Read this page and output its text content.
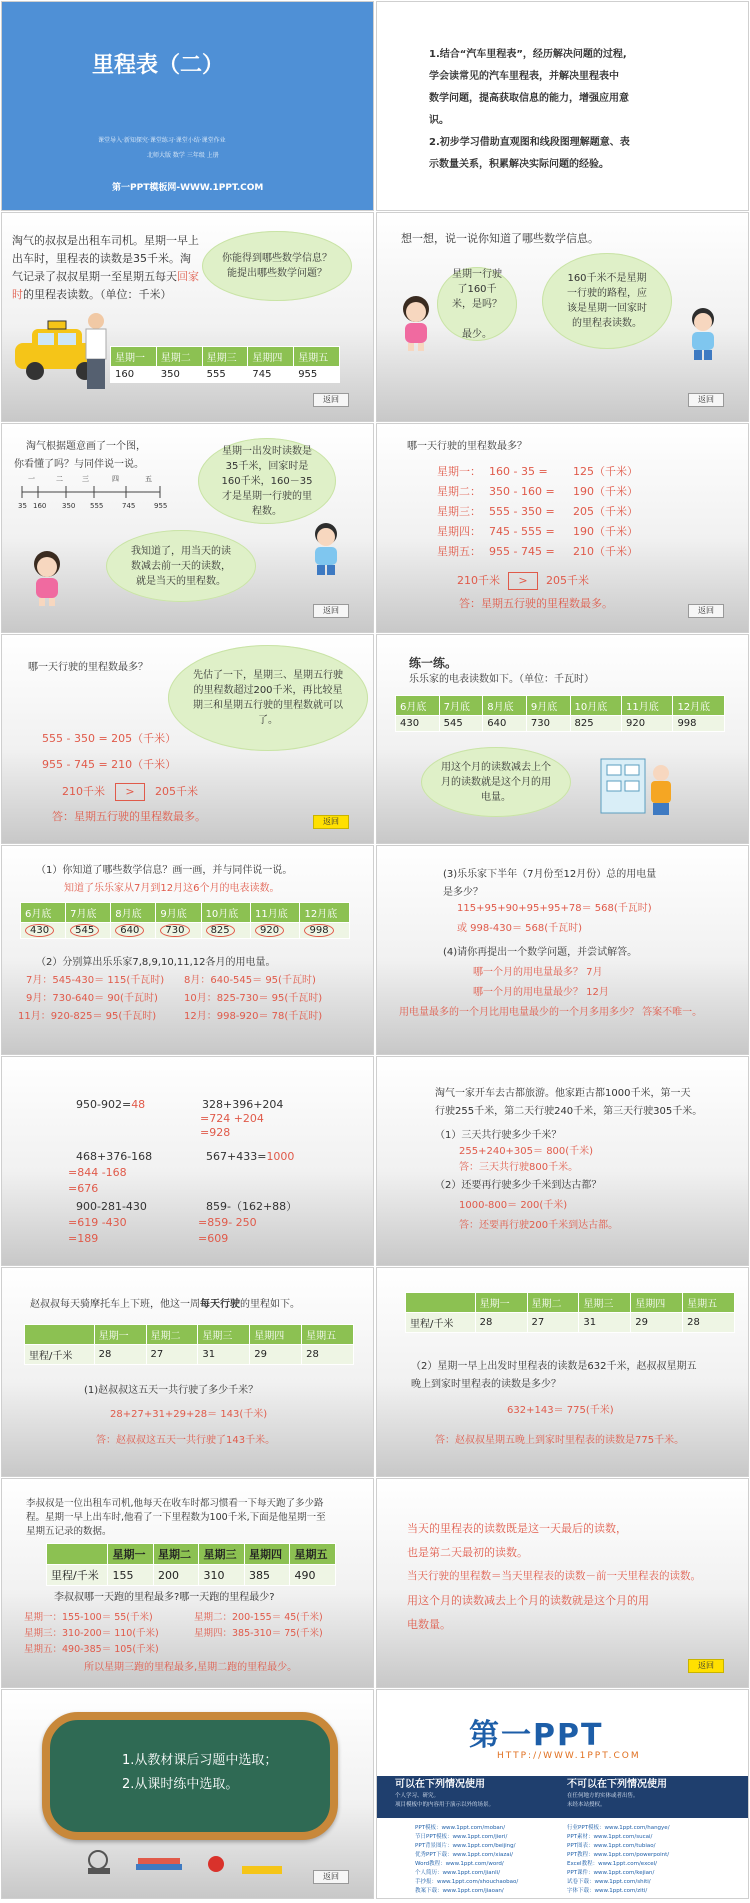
里程表（二）
课堂导入·新知探究·课堂练习·课堂小结·课堂作业
北师大版 数学 三年级 上册
第一PPT模板网-WWW.1PPT.COM
1.结合“汽车里程表”，经历解决问题的过程,
学会读常见的汽车里程表，并解决里程表中
数学问题，提高获取信息的能力，增强应用意
识。
2.初步学习借助直观图和线段图理解题意、表
示数量关系，积累解决实际问题的经验。
淘气的叔叔是出租车司机。星期一早上
出车时，里程表的读数是35千米。淘
气记录了叔叔星期一至星期五每天回家
时的里程表读数。（单位：千米）
你能得到哪些数学信息？能提出哪些数学问题？
星期一	星期二	星期三	星期四	星期五
160	350	555	745	955
返回
想一想，说一说你知道了哪些数学信息。
星期一行驶了160千米，是吗？

最少。
160千米不是星期一行驶的路程，应该是星期一回家时的里程表读数。
返回
淘气根据题意画了一个图，
你看懂了吗？与同伴说一说。
一	二	三	四	五
35 160 350 555	745	955
星期一出发时读数是35千米，回家时是160千米，160－35才是星期一行驶的里程数。
我知道了，用当天的读数减去前一天的读数，就是当天的里程数。
返回
哪一天行驶的里程数最多？
星期一： 160 - 35 = 125（千米）
星期二： 350 - 160 = 190（千米）
星期三： 555 - 350 = 205（千米）
星期四： 745 - 555 = 190（千米）
星期五： 955 - 745 = 210（千米）
210千米 > 205千米
答：星期五行驶的里程数最多。
返回
哪一天行驶的里程数最多？
先估了一下，星期三、星期五行驶的里程数超过200千米，再比较星期三和星期五行驶的里程数就可以了。
555 - 350 = 205（千米）
955 - 745 = 210（千米）
210千米 > 205千米
答：星期五行驶的里程数最多。	返回
练一练。
乐乐家的电表读数如下。（单位：千瓦时）
6月底	7月底	8月底	9月底	10月底	11月底	12月底
430	545	640	730	825	920	998
用这个月的读数减去上个月的读数就是这个月的用电量。
（1）你知道了哪些数学信息？画一画，并与同伴说一说。
知道了乐乐家从7月到12月这6个月的电表读数。
6月底	7月底	8月底	9月底	10月底	11月底	12月底
430	545	640	730	825	920	998
（2）分别算出乐乐家7,8,9,10,11,12各月的用电量。
7月：545-430＝ 115(千瓦时) 8月：640-545＝ 95(千瓦时)
9月：730-640＝ 90(千瓦时)	10月：825-730＝ 95(千瓦时)
11月：920-825＝ 95(千瓦时)	12月：998-920＝ 78(千瓦时)
(3)乐乐家下半年（7月份至12月份）总的用电量
是多少？
115+95+90+95+95+78＝ 568(千瓦时)
或 998-430＝ 568(千瓦时)
(4)请你再提出一个数学问题，并尝试解答。
哪一个月的用电量最多？ 7月
哪一个月的用电量最少？ 12月
用电量最多的一个月比用电量最少的一个月多用多少？ 答案不唯一。
950-902=48	328+396+204
=724 +204
=928
468+376-168
=844 -168
=676
567+433=1000
900-281-430
=619 -430
=189
859-（162+88）
=859- 250
=609
淘气一家开车去古都旅游。他家距古都1000千米，第一天
行驶255千米，第二天行驶240千米，第三天行驶305千米。
（1）三天共行驶多少千米？
255+240+305＝ 800(千米)
答：三天共行驶800千米。
（2）还要再行驶多少千米到达古都？
1000-800＝ 200(千米)
答：还要再行驶200千米到达古都。
赵叔叔每天骑摩托车上下班，他这一周每天行驶的里程如下。
	星期一	星期二	星期三	星期四	星期五
里程/千米	28	27	31	29	28
(1)赵叔叔这五天一共行驶了多少千米？
28+27+31+29+28＝ 143(千米)
答：赵叔叔这五天一共行驶了143千米。
	星期一	星期二	星期三	星期四	星期五
里程/千米	28	27	31	29	28
（2）星期一早上出发时里程表的读数是632千米，赵叔叔星期五
晚上到家时里程表的读数是多少？
632+143＝ 775(千米)
答：赵叔叔星期五晚上到家时里程表的读数是775千米。
李叔叔是一位出租车司机,他每天在收车时都习惯看一下每天跑了多少路
程。星期一早上出车时,他看了一下里程数为100千米,下面是他星期一至
星期五记录的数据。
	星期一	星期二	星期三	星期四	星期五
里程/千米	155	200	310	385	490
李叔叔哪一天跑的里程最多?哪一天跑的里程最少?
星期一：155-100＝ 55(千米)	星期二：200-155＝ 45(千米)
星期三：310-200＝ 110(千米)	星期四：385-310＝ 75(千米)
星期五：490-385＝ 105(千米)
所以星期三跑的里程最多,星期二跑的里程最少。
当天的里程表的读数既是这一天最后的读数，
也是第二天最初的读数。
当天行驶的里程数＝当天里程表的读数－前一天里程表的读数。
用这个月的读数减去上个月的读数就是这个月的用
电数量。
返回
1.从教材课后习题中选取；
2.从课时练中选取。
返回
第一PPT
HTTP://WWW.1PPT.COM
可以在下列情况使用
个人学习、研究。
项目模板中的内容用于演示以外的场景。
不可以在下列情况使用
在任何地方的实体或者出售。
未经本站授权。
PPT模板：www.1ppt.com/moban/
节日PPT模板：www.1ppt.com/jieri/
PPT背景图片：www.1ppt.com/beijing/
优秀PPT下载：www.1ppt.com/xiazai/
Word教程：www.1ppt.com/word/
个人简历：www.1ppt.com/jianli/
手抄报：www.1ppt.com/shouchaobao/
教案下载：www.1ppt.com/jiaoan/
行业PPT模板：www.1ppt.com/hangye/
PPT素材：www.1ppt.com/sucai/
PPT图表：www.1ppt.com/tubiao/
PPT教程：www.1ppt.com/powerpoint/
Excel教程：www.1ppt.com/excel/
PPT课件：www.1ppt.com/kejian/
试卷下载：www.1ppt.com/shiti/
字体下载：www.1ppt.com/ziti/
